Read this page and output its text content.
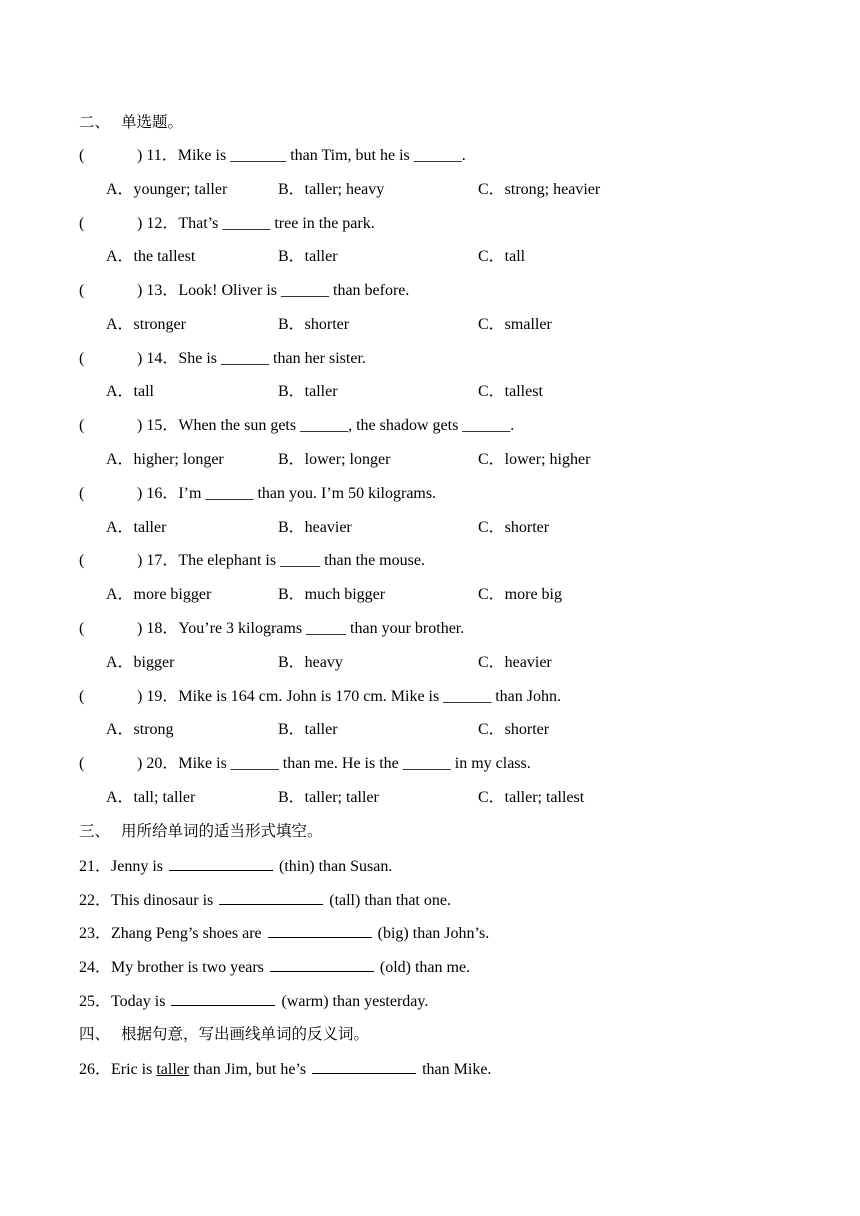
二、 单选题。
(	) 11．Mike is _______ than Tim, but he is ______.
A．younger; taller	B．taller; heavy	C．strong; heavier
(	) 12．That’s ______ tree in the park.
A．the tallest	B．taller	C．tall
(	) 13．Look! Oliver is ______ than before.
A．stronger	B．shorter	C．smaller
(	) 14．She is ______ than her sister.
A．tall	B．taller	C．tallest
(	) 15．When the sun gets ______, the shadow gets ______.
A．higher; longer	B．lower; longer	C．lower; higher
(	) 16．I’m ______ than you. I’m 50 kilograms.
A．taller	B．heavier	C．shorter
(	) 17．The elephant is _____ than the mouse.
A．more bigger	B．much bigger	C．more big
(	) 18．You’re 3 kilograms _____ than your brother.
A．bigger	B．heavy	C．heavier
(	) 19．Mike is 164 cm. John is 170 cm. Mike is ______ than John.
A．strong	B．taller	C．shorter
(	) 20．Mike is ______ than me. He is the ______ in my class.
A．tall; taller	B．taller; taller	C．taller; tallest
三、 用所给单词的适当形式填空。
21．Jenny is	(thin) than Susan.
22．This dinosaur is	(tall) than that one.
23．Zhang Peng’s shoes are	(big) than John’s.
24．My brother is two years	(old) than me.
25．Today is	(warm) than yesterday.
四、 根据句意，写出画线单词的反义词。
26．Eric is taller than Jim, but he’s	than Mike.
